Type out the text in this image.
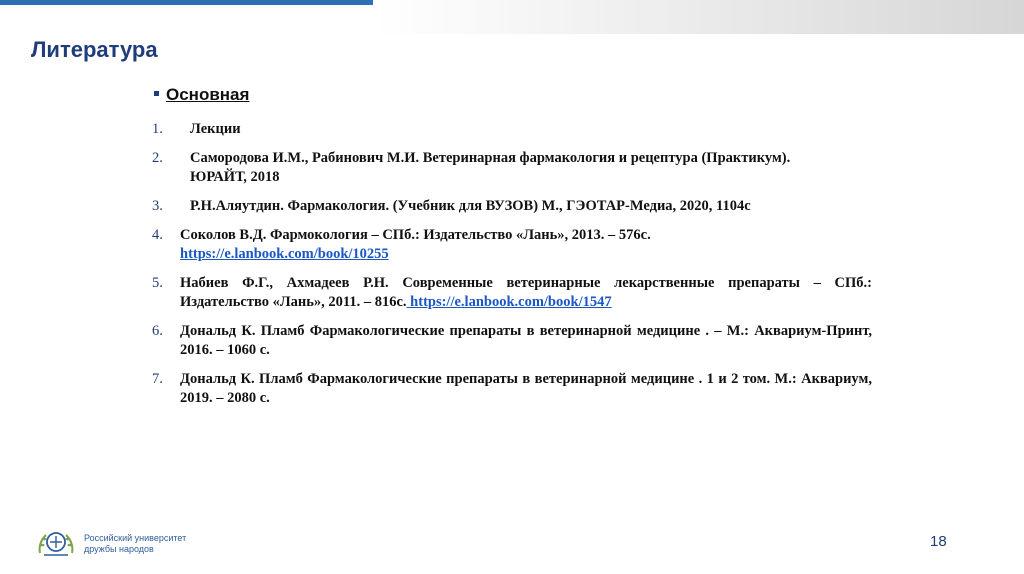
Литература
Основная
1.	Лекции
2.	Самородова И.М., Рабинович М.И. Ветеринарная фармакология и рецептура (Практикум). ЮРАЙТ, 2018
3.	Р.Н.Аляутдин. Фармакология. (Учебник для ВУЗОВ) М., ГЭОТАР-Медиа, 2020, 1104с
4.	Соколов В.Д. Фармокология – СПб.: Издательство «Лань», 2013. – 576с.
https://e.lanbook.com/book/10255
5.	Набиев Ф.Г., Ахмадеев Р.Н. Современные ветеринарные лекарственные препараты – СПб.: Издательство «Лань», 2011. – 816с. https://e.lanbook.com/book/1547
6.	Дональд К. Пламб Фармакологические препараты в ветеринарной медицине . – М.: Аквариум-Принт, 2016. – 1060 с.
7.	Дональд К. Пламб Фармакологические препараты в ветеринарной медицине . 1 и 2 том. М.: Аквариум, 2019. – 2080 с.
Российский университет
дружбы народов	18
